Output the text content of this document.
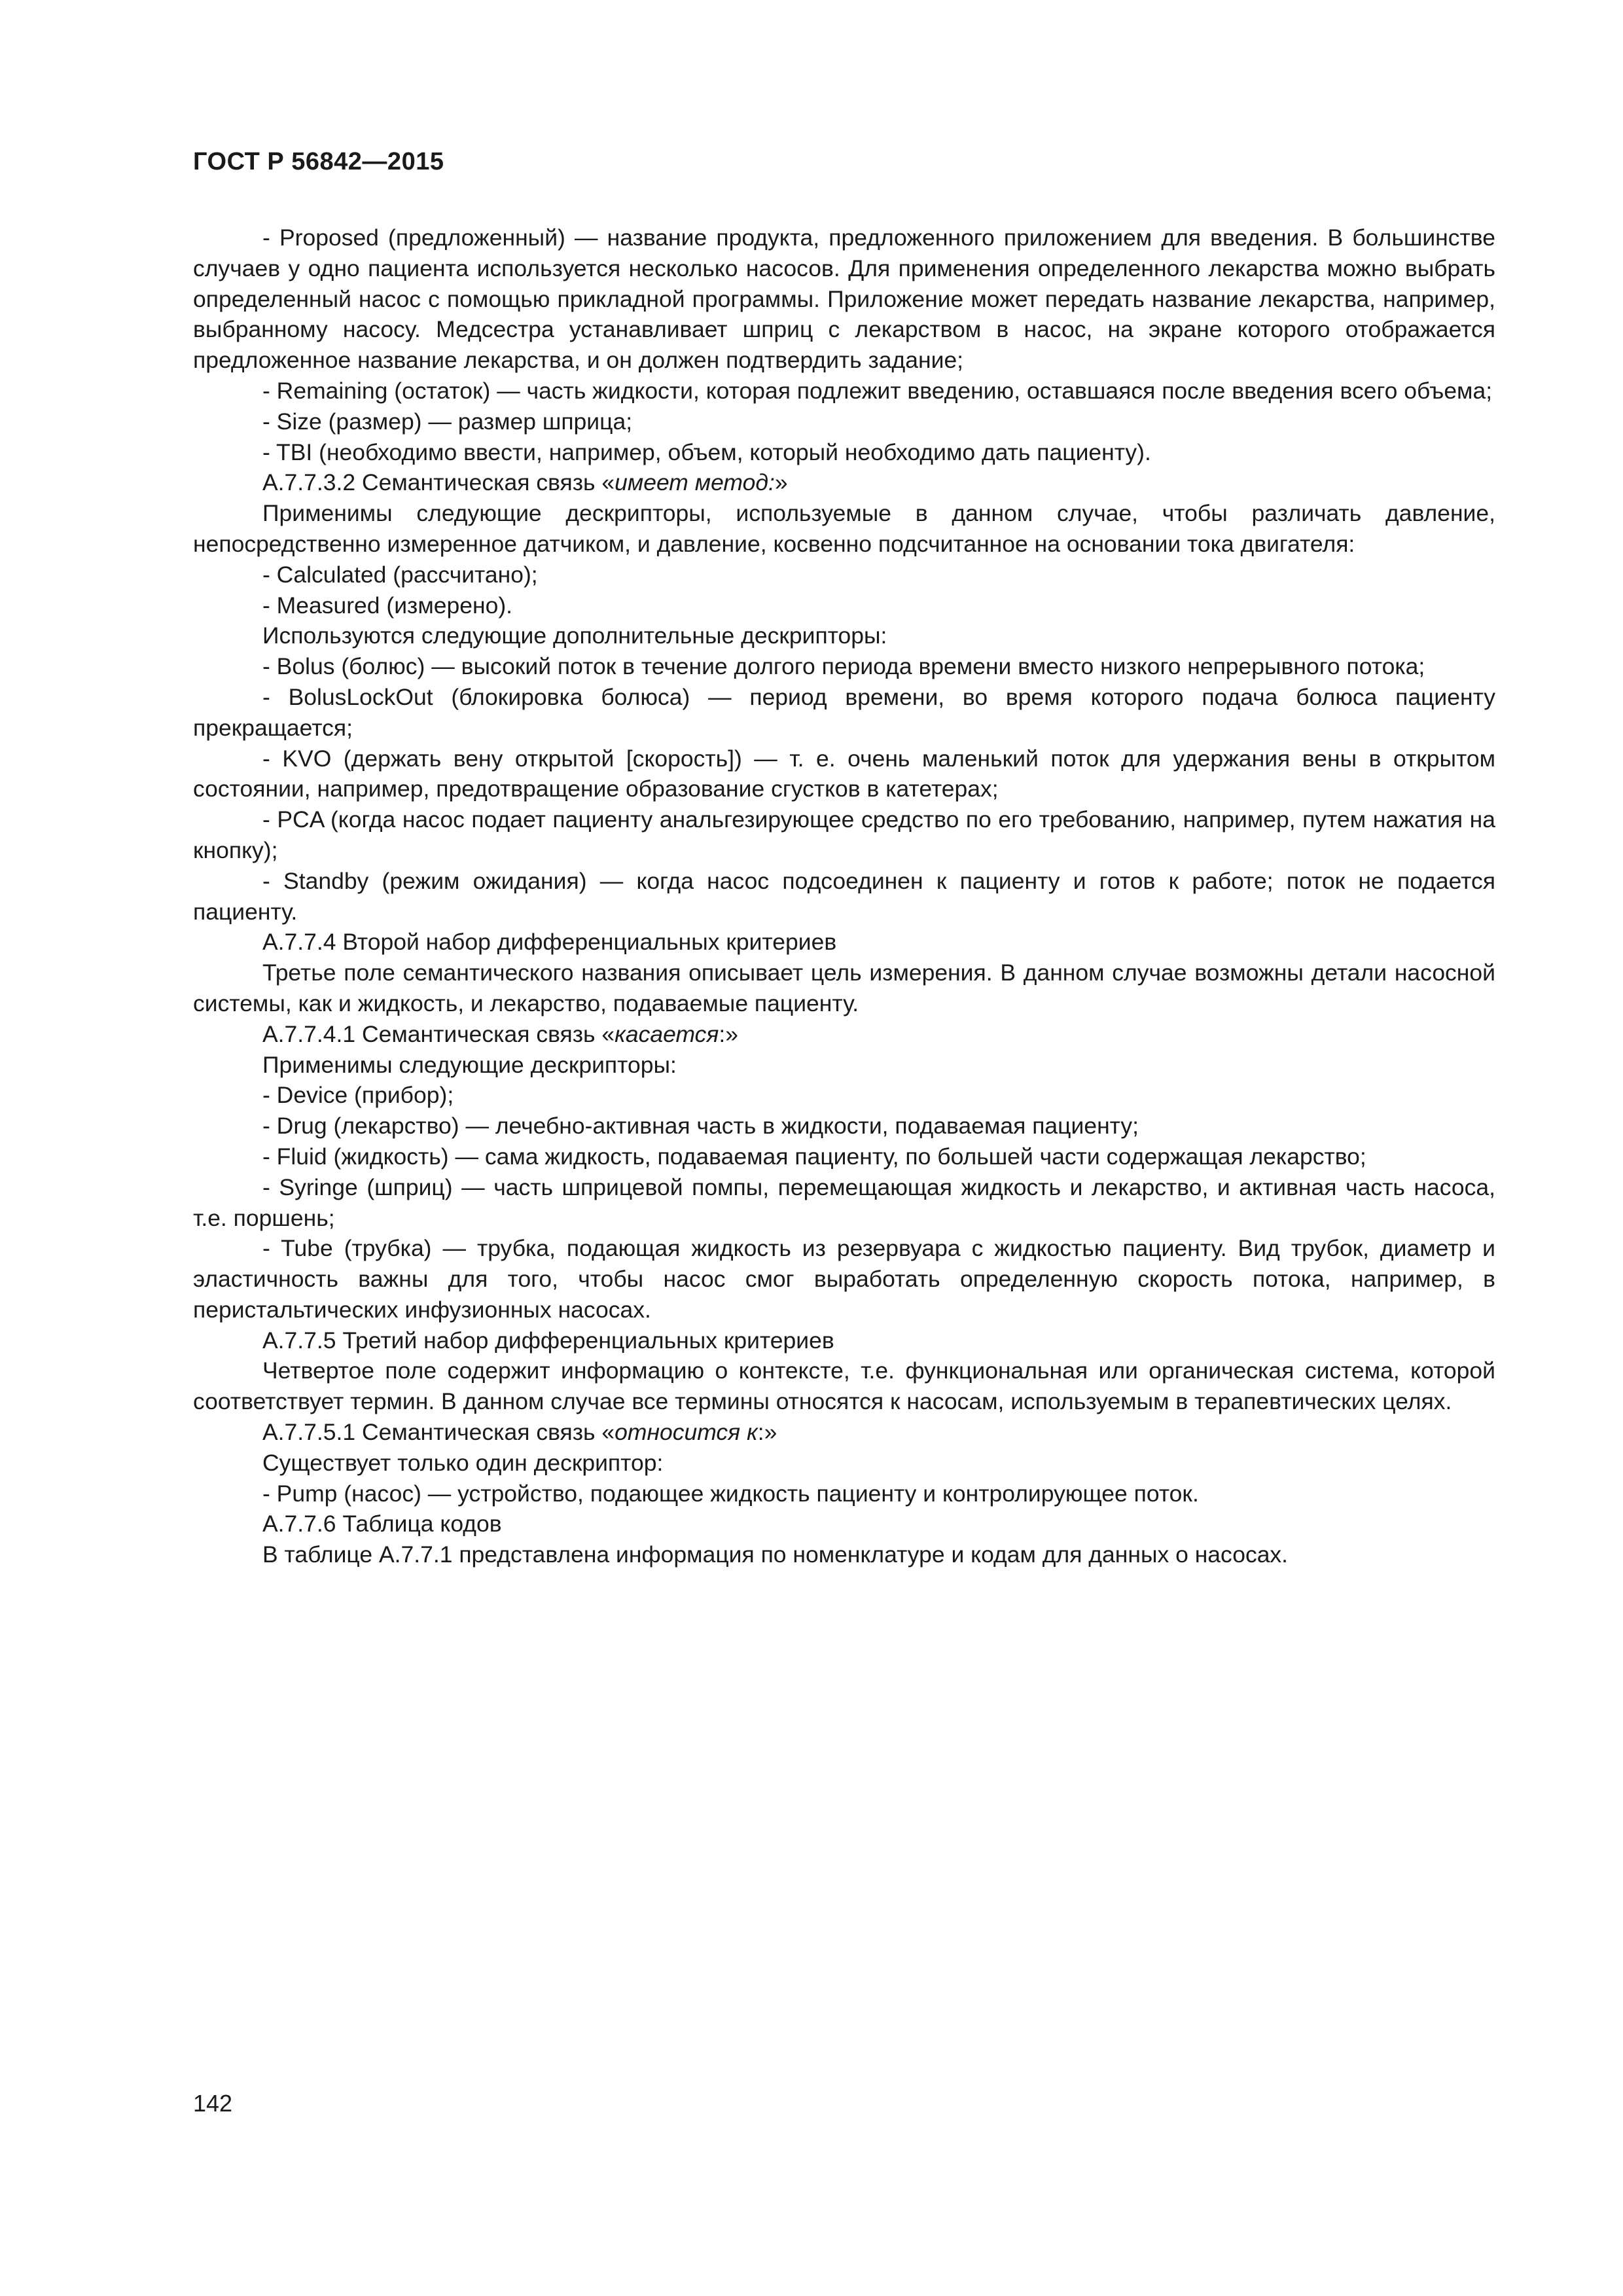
ГОСТ Р 56842—2015

- Proposed (предложенный) — название продукта, предложенного приложением для введения. В большинстве случаев у одно пациента используется несколько насосов. Для применения определенного лекарства можно выбрать определенный насос с помощью прикладной программы. Приложение может передать название лекарства, например, выбранному насосу. Медсестра устанавливает шприц с лекарством в насос, на экране которого отображается предложенное название лекарства, и он должен подтвердить задание;

- Remaining (остаток) — часть жидкости, которая подлежит введению, оставшаяся после введения всего объема;

- Size (размер) — размер шприца;

- TBI (необходимо ввести, например, объем, который необходимо дать пациенту).

А.7.7.3.2 Семантическая связь «имеет метод:»

Применимы следующие дескрипторы, используемые в данном случае, чтобы различать давление, непосредственно измеренное датчиком, и давление, косвенно подсчитанное на основании тока двигателя:

- Calculated (рассчитано);

- Measured (измерено).

Используются следующие дополнительные дескрипторы:

- Bolus (болюс) — высокий поток в течение долгого периода времени вместо низкого непрерывного потока;

- BolusLockOut (блокировка болюса) — период времени, во время которого подача болюса пациенту прекращается;

- KVO (держать вену открытой [скорость]) — т. е. очень маленький поток для удержания вены в открытом состоянии, например, предотвращение образование сгустков в катетерах;

- PCA (когда насос подает пациенту анальгезирующее средство по его требованию, например, путем нажатия на кнопку);

- Standby (режим ожидания) — когда насос подсоединен к пациенту и готов к работе; поток не подается пациенту.

А.7.7.4 Второй набор дифференциальных критериев

Третье поле семантического названия описывает цель измерения. В данном случае возможны детали насосной системы, как и жидкость, и лекарство, подаваемые пациенту.

А.7.7.4.1 Семантическая связь «касается:»

Применимы следующие дескрипторы:

- Device (прибор);

- Drug (лекарство) — лечебно-активная часть в жидкости, подаваемая пациенту;

- Fluid (жидкость) — сама жидкость, подаваемая пациенту, по большей части содержащая лекарство;

- Syringe (шприц) — часть шприцевой помпы, перемещающая жидкость и лекарство, и активная часть насоса, т.е. поршень;

- Tube (трубка) — трубка, подающая жидкость из резервуара с жидкостью пациенту. Вид трубок, диаметр и эластичность важны для того, чтобы насос смог выработать определенную скорость потока, например, в перистальтических инфузионных насосах.

А.7.7.5 Третий набор дифференциальных критериев

Четвертое поле содержит информацию о контексте, т.е. функциональная или органическая система, которой соответствует термин. В данном случае все термины относятся к насосам, используемым в терапевтических целях.

А.7.7.5.1 Семантическая связь «относится к:»

Существует только один дескриптор:

- Pump (насос) — устройство, подающее жидкость пациенту и контролирующее поток.

А.7.7.6 Таблица кодов

В таблице А.7.7.1 представлена информация по номенклатуре и кодам для данных о насосах.

142
